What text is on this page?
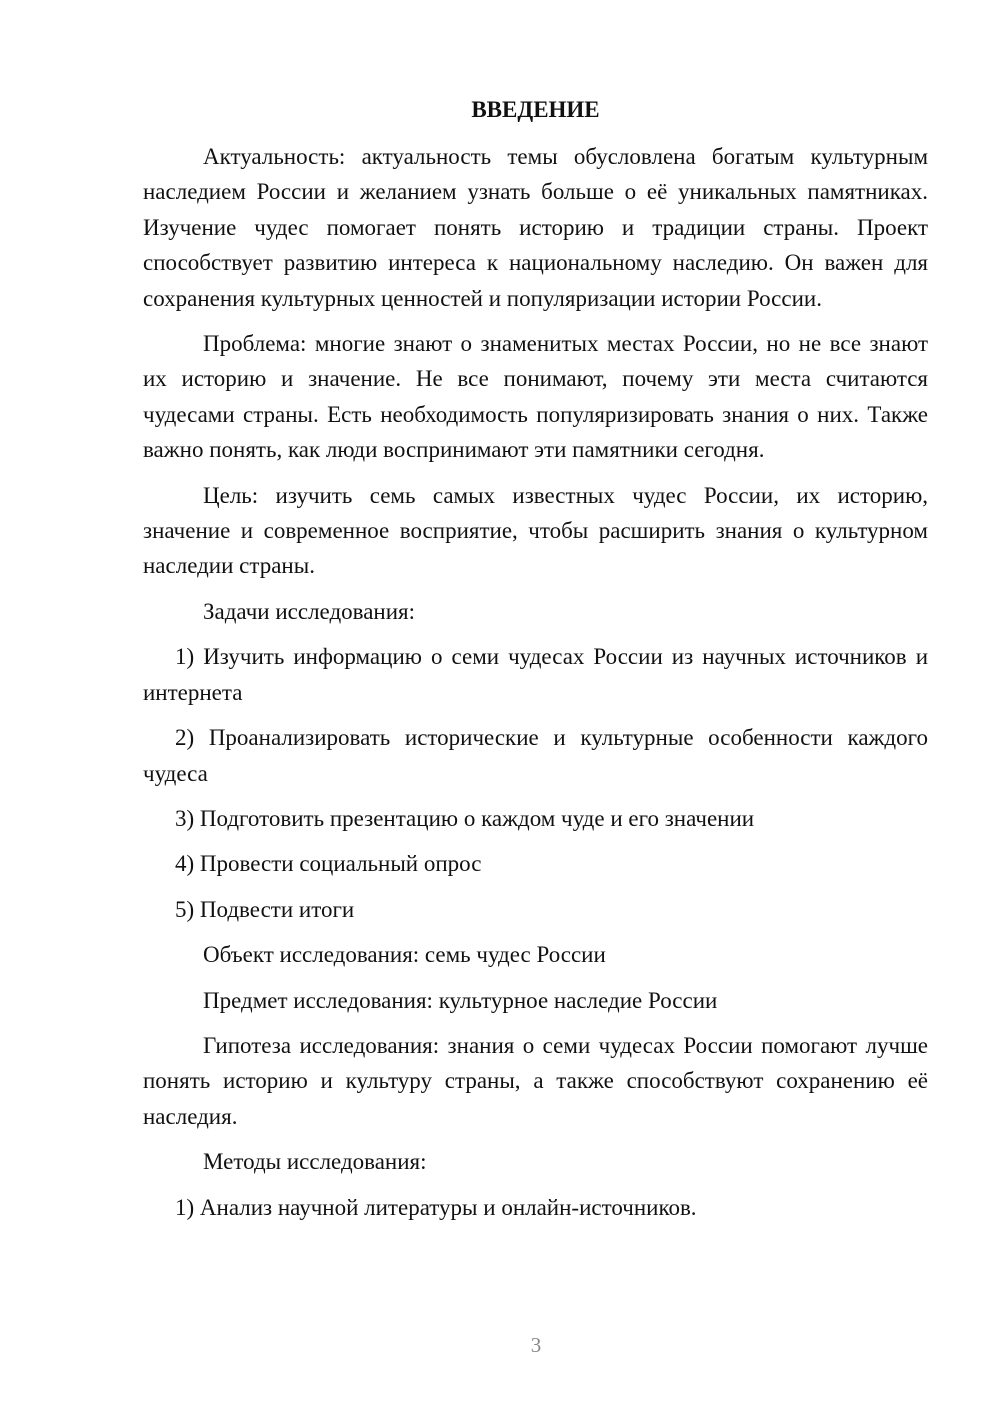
ВВЕДЕНИЕ

Актуальность: актуальность темы обусловлена богатым культурным наследием России и желанием узнать больше о её уникальных памятниках. Изучение чудес помогает понять историю и традиции страны. Проект способствует развитию интереса к национальному наследию. Он важен для сохранения культурных ценностей и популяризации истории России.

Проблема: многие знают о знаменитых местах России, но не все знают их историю и значение. Не все понимают, почему эти места считаются чудесами страны. Есть необходимость популяризировать знания о них. Также важно понять, как люди воспринимают эти памятники сегодня.

Цель: изучить семь самых известных чудес России, их историю, значение и современное восприятие, чтобы расширить знания о культурном наследии страны.

Задачи исследования:

1) Изучить информацию о семи чудесах России из научных источников и интернета

2) Проанализировать исторические и культурные особенности каждого чудеса

3) Подготовить презентацию о каждом чуде и его значении

4) Провести социальный опрос

5) Подвести итоги

Объект исследования: семь чудес России

Предмет исследования: культурное наследие России

Гипотеза исследования: знания о семи чудесах России помогают лучше понять историю и культуру страны, а также способствуют сохранению её наследия.

Методы исследования:

1) Анализ научной литературы и онлайн-источников.

3
